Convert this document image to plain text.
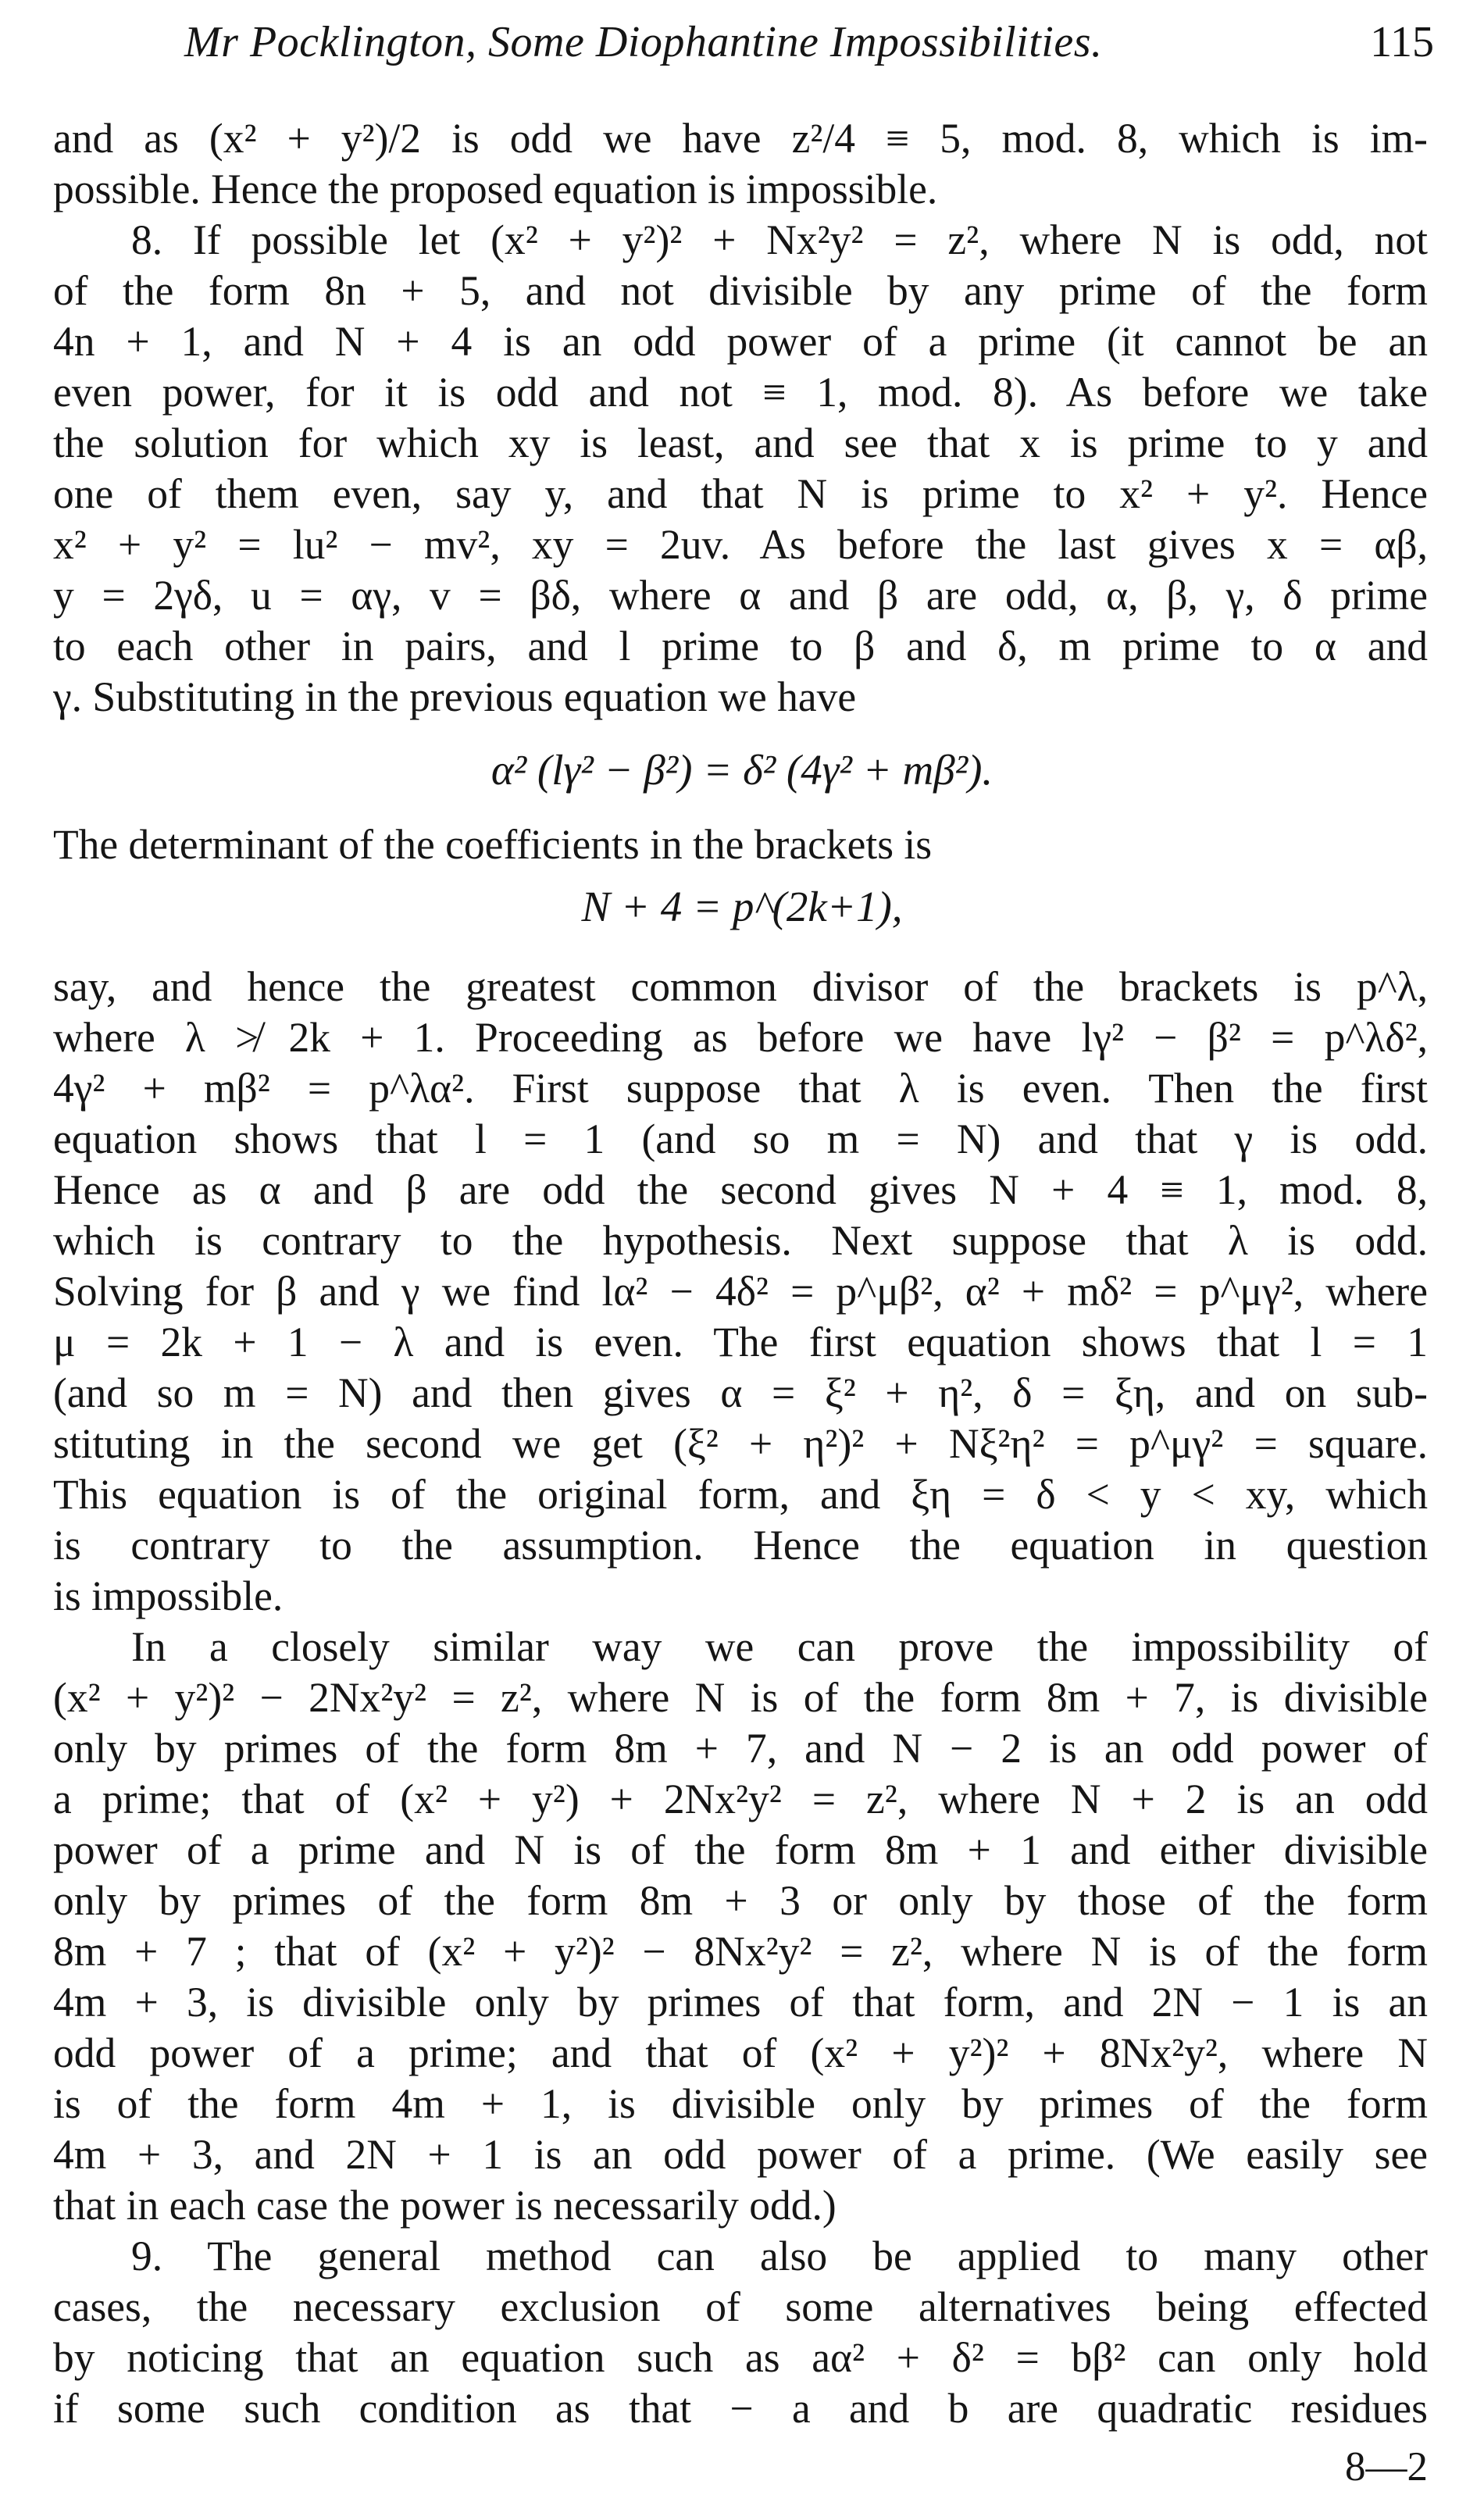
Mr Pocklington, Some Diophantine Impossibilities.	115
and as (x² + y²)/2 is odd we have z²/4 ≡ 5, mod. 8, which is im-
possible. Hence the proposed equation is impossible.
8. If possible let (x² + y²)² + Nx²y² = z², where N is odd, not
of the form 8n + 5, and not divisible by any prime of the form
4n + 1, and N + 4 is an odd power of a prime (it cannot be an
even power, for it is odd and not ≡ 1, mod. 8). As before we take
the solution for which xy is least, and see that x is prime to y and
one of them even, say y, and that N is prime to x² + y². Hence
x² + y² = lu² − mv², xy = 2uv. As before the last gives x = αβ,
y = 2γδ, u = αγ, v = βδ, where α and β are odd, α, β, γ, δ prime
to each other in pairs, and l prime to β and δ, m prime to α and
γ. Substituting in the previous equation we have
α² (lγ² − β²) = δ² (4γ² + mβ²).
The determinant of the coefficients in the brackets is
N + 4 = p^(2k+1),
say, and hence the greatest common divisor of the brackets is p^λ,
where λ ≯ 2k + 1. Proceeding as before we have lγ² − β² = p^λδ²,
4γ² + mβ² = p^λα². First suppose that λ is even. Then the first
equation shows that l = 1 (and so m = N) and that γ is odd.
Hence as α and β are odd the second gives N + 4 ≡ 1, mod. 8,
which is contrary to the hypothesis. Next suppose that λ is odd.
Solving for β and γ we find lα² − 4δ² = p^μβ², α² + mδ² = p^μγ², where
μ = 2k + 1 − λ and is even. The first equation shows that l = 1
(and so m = N) and then gives α = ξ² + η², δ = ξη, and on sub-
stituting in the second we get (ξ² + η²)² + Nξ²η² = p^μγ² = square.
This equation is of the original form, and ξη = δ < y < xy, which
is contrary to the assumption. Hence the equation in question
is impossible.
In a closely similar way we can prove the impossibility of
(x² + y²)² − 2Nx²y² = z², where N is of the form 8m + 7, is divisible
only by primes of the form 8m + 7, and N − 2 is an odd power of
a prime; that of (x² + y²) + 2Nx²y² = z², where N + 2 is an odd
power of a prime and N is of the form 8m + 1 and either divisible
only by primes of the form 8m + 3 or only by those of the form
8m + 7 ; that of (x² + y²)² − 8Nx²y² = z², where N is of the form
4m + 3, is divisible only by primes of that form, and 2N − 1 is an
odd power of a prime; and that of (x² + y²)² + 8Nx²y², where N
is of the form 4m + 1, is divisible only by primes of the form
4m + 3, and 2N + 1 is an odd power of a prime. (We easily see
that in each case the power is necessarily odd.)
9. The general method can also be applied to many other
cases, the necessary exclusion of some alternatives being effected
by noticing that an equation such as aα² + δ² = bβ² can only hold
if some such condition as that − a and b are quadratic residues
8—2
